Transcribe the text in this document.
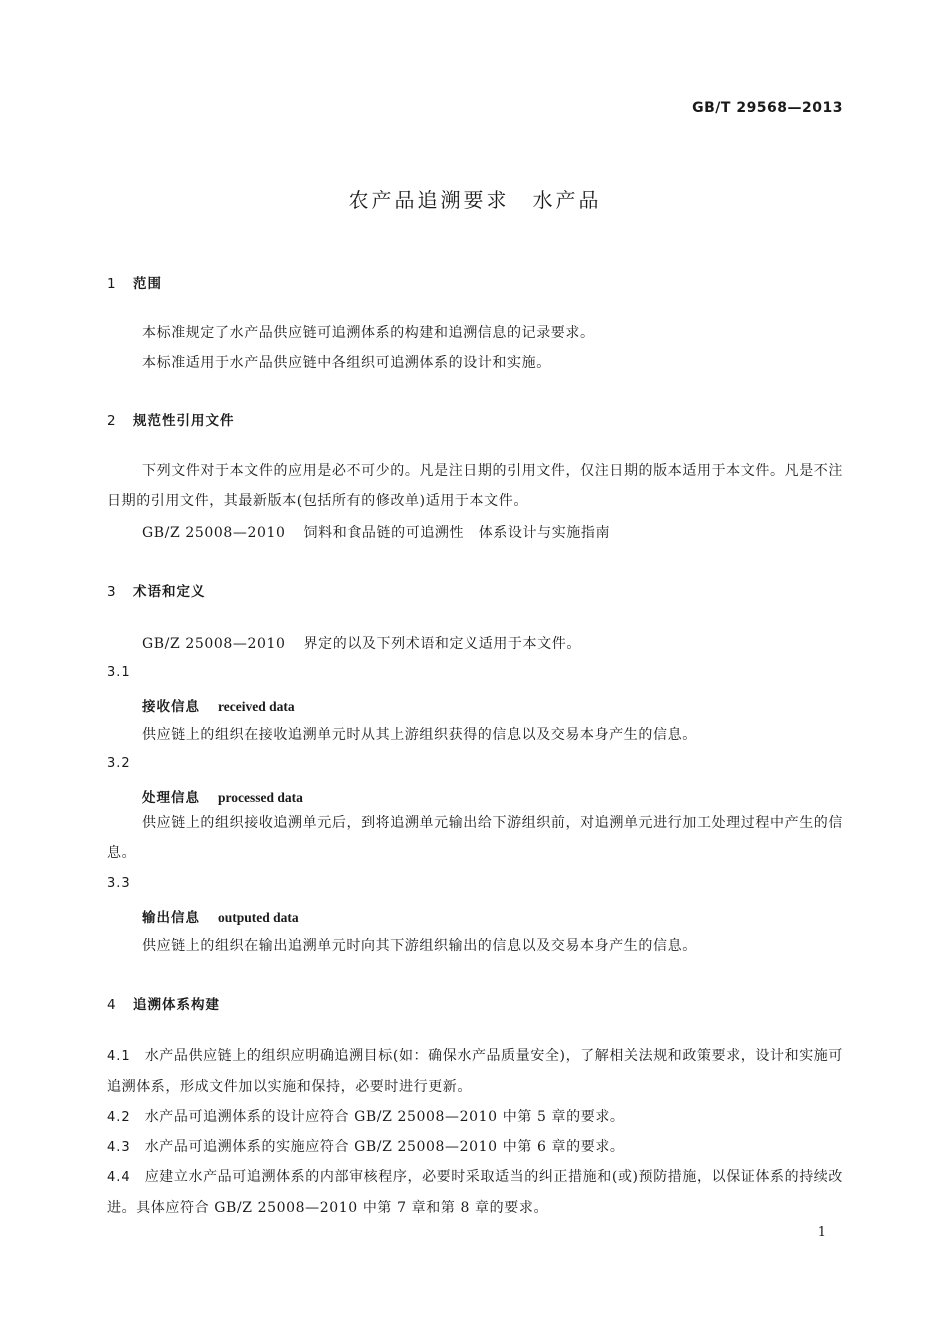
GB/T 29568—2013
农产品追溯要求　水产品
1 范围
本标准规定了水产品供应链可追溯体系的构建和追溯信息的记录要求。
本标准适用于水产品供应链中各组织可追溯体系的设计和实施。
2 规范性引用文件
下列文件对于本文件的应用是必不可少的。凡是注日期的引用文件，仅注日期的版本适用于本文件。凡是不注日期的引用文件，其最新版本(包括所有的修改单)适用于本文件。
GB/Z 25008—2010 饲料和食品链的可追溯性　体系设计与实施指南
3 术语和定义
GB/Z 25008—2010 界定的以及下列术语和定义适用于本文件。
3.1
接收信息 received data
供应链上的组织在接收追溯单元时从其上游组织获得的信息以及交易本身产生的信息。
3.2
处理信息 processed data
供应链上的组织接收追溯单元后，到将追溯单元输出给下游组织前，对追溯单元进行加工处理过程中产生的信息。
3.3
输出信息 outputed data
供应链上的组织在输出追溯单元时向其下游组织输出的信息以及交易本身产生的信息。
4 追溯体系构建
4.1 水产品供应链上的组织应明确追溯目标(如：确保水产品质量安全)，了解相关法规和政策要求，设计和实施可追溯体系，形成文件加以实施和保持，必要时进行更新。
4.2 水产品可追溯体系的设计应符合 GB/Z 25008—2010 中第 5 章的要求。
4.3 水产品可追溯体系的实施应符合 GB/Z 25008—2010 中第 6 章的要求。
4.4 应建立水产品可追溯体系的内部审核程序，必要时采取适当的纠正措施和(或)预防措施，以保证体系的持续改进。具体应符合 GB/Z 25008—2010 中第 7 章和第 8 章的要求。
1
